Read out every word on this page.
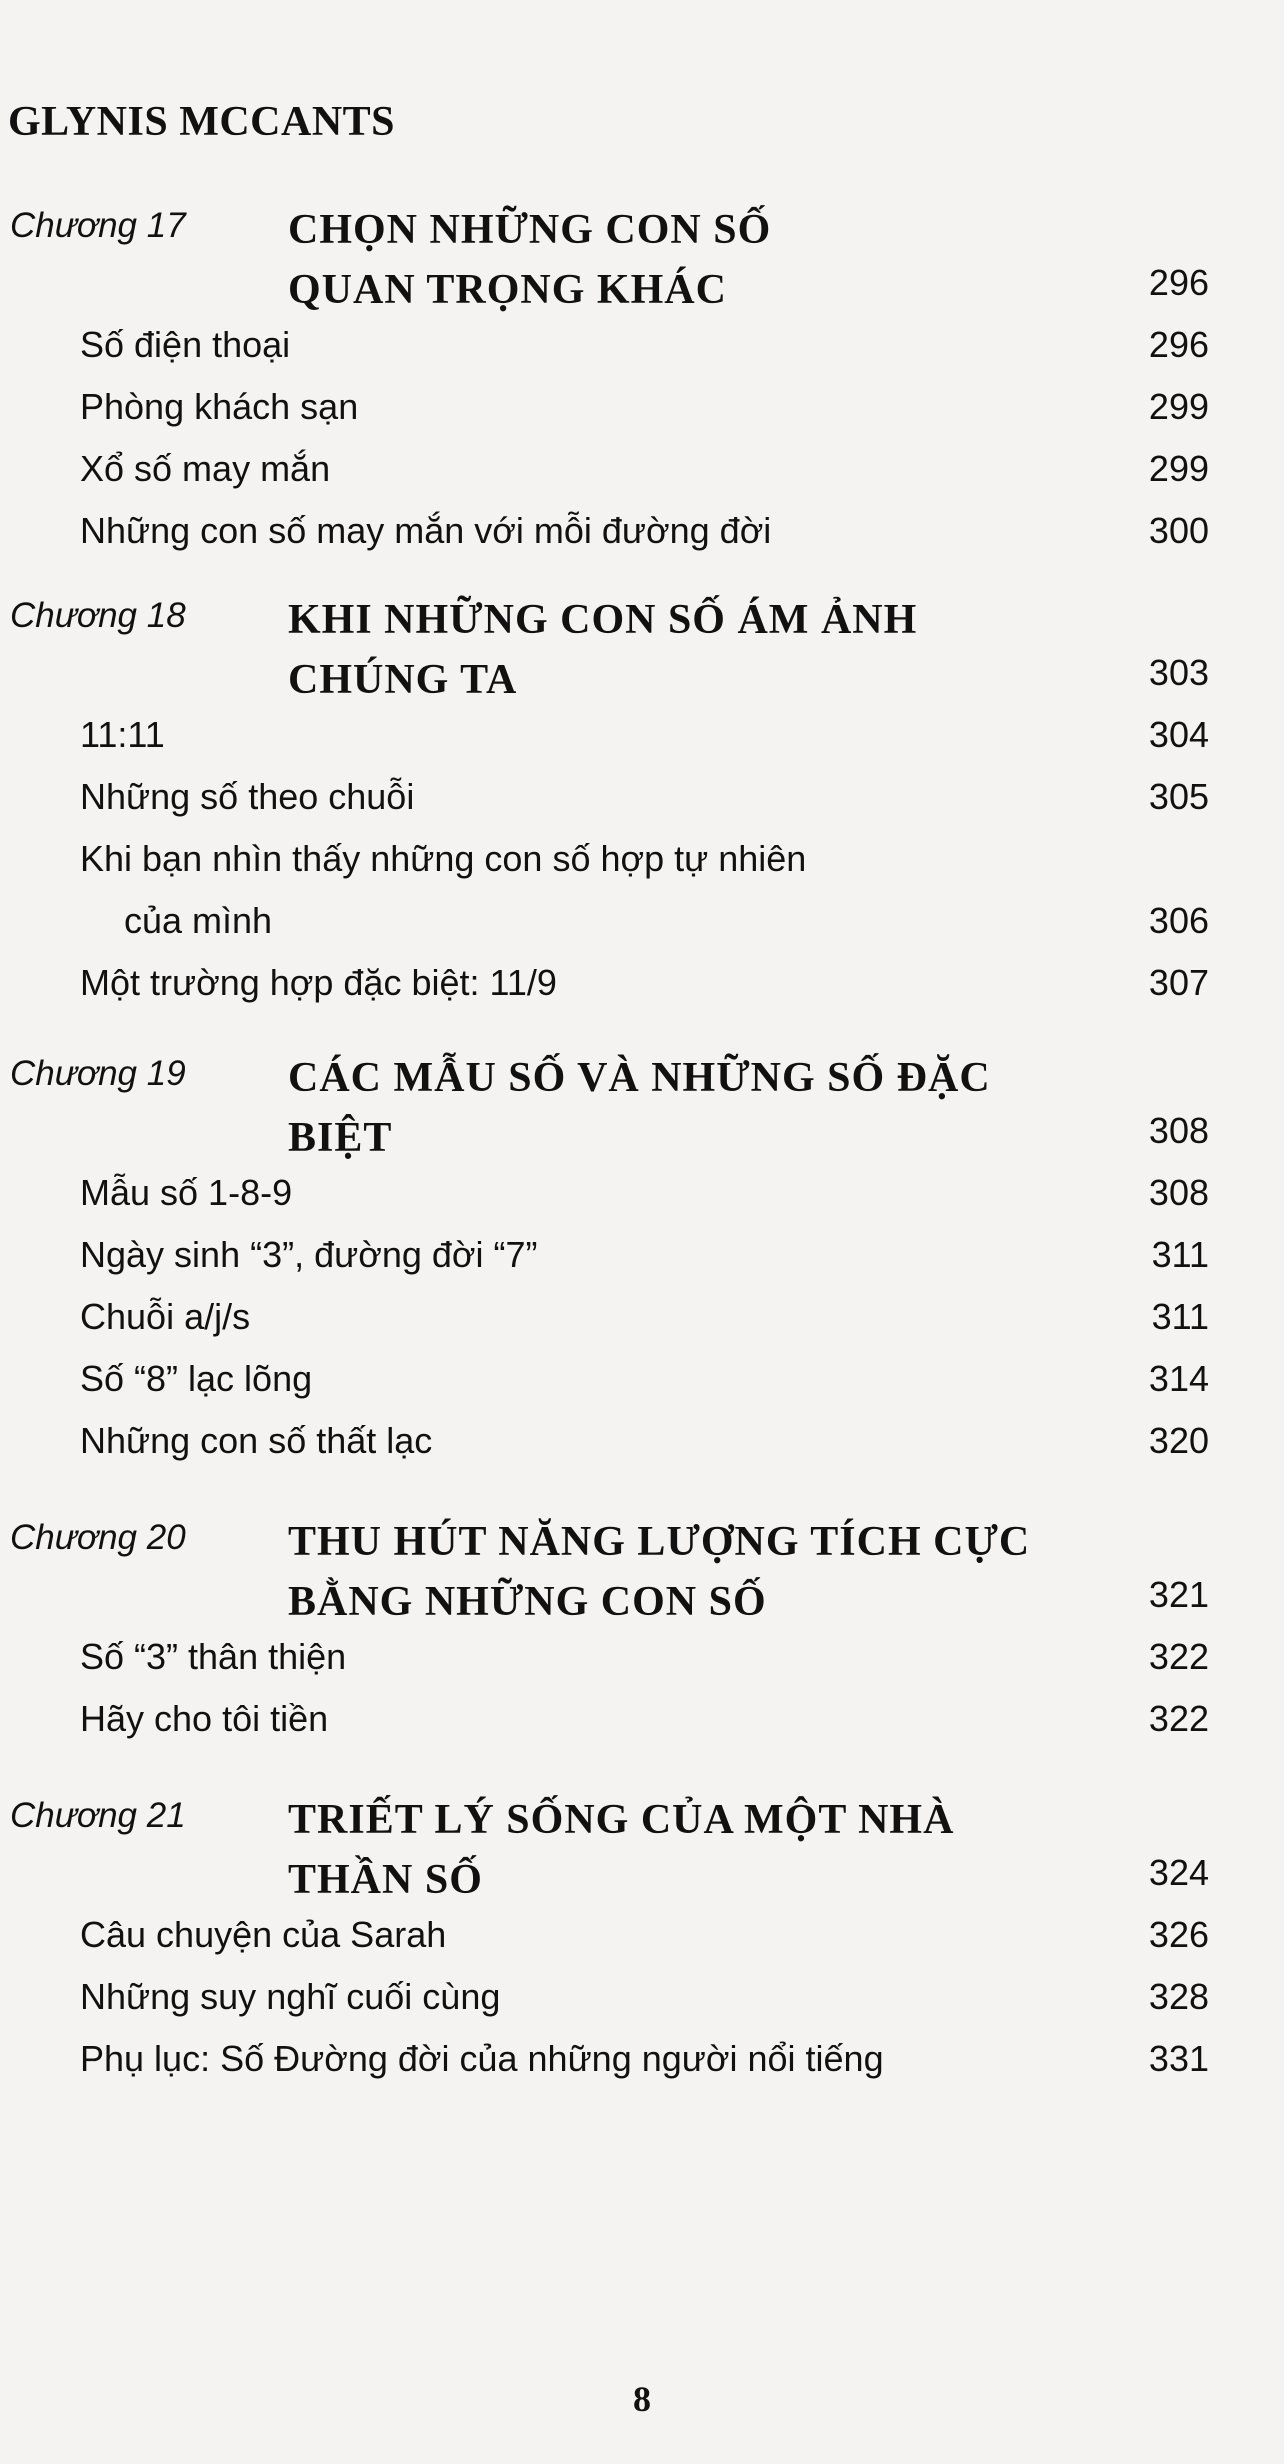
GLYNIS MCCANTS
Chương 17 CHỌN NHỮNG CON SỐ
QUAN TRỌNG KHÁC	296
Số điện thoại	296
Phòng khách sạn	299
Xổ số may mắn	299
Những con số may mắn với mỗi đường đời	300
Chương 18 KHI NHỮNG CON SỐ ÁM ẢNH
CHÚNG TA	303
11:11	304
Những số theo chuỗi	305
Khi bạn nhìn thấy những con số hợp tự nhiên
của mình	306
Một trường hợp đặc biệt: 11/9	307
Chương 19 CÁC MẪU SỐ VÀ NHỮNG SỐ ĐẶC
BIỆT	308
Mẫu số 1-8-9	308
Ngày sinh “3”, đường đời “7”	311
Chuỗi a/j/s	311
Số “8” lạc lõng	314
Những con số thất lạc	320
Chương 20 THU HÚT NĂNG LƯỢNG TÍCH CỰC
BẰNG NHỮNG CON SỐ	321
Số “3” thân thiện	322
Hãy cho tôi tiền	322
Chương 21 TRIẾT LÝ SỐNG CỦA MỘT NHÀ
THẦN SỐ	324
Câu chuyện của Sarah	326
Những suy nghĩ cuối cùng	328
Phụ lục: Số Đường đời của những người nổi tiếng	331
8
